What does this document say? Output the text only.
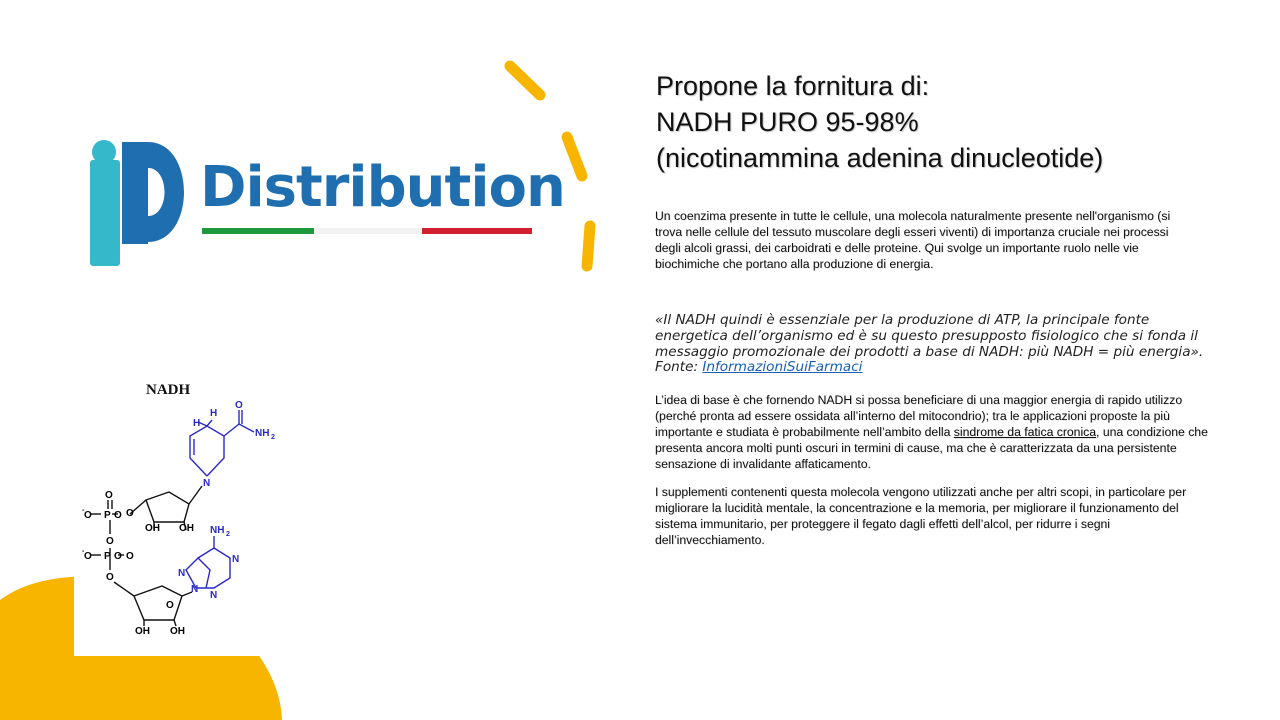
Distribution
NADH
H
H
O
NH 2
N
O
O
P O
- O
O
OH OH
P O O
- O
O
O
OH OH
N
N
N
N
NH 2
Propone la fornitura di:
NADH PURO 95-98%
(nicotinammina adenina dinucleotide)
Un coenzima presente in tutte le cellule, una molecola naturalmente presente nell'organismo (si trova nelle cellule del tessuto muscolare degli esseri viventi) di importanza cruciale nei processi degli alcoli grassi, dei carboidrati e delle proteine. Qui svolge un importante ruolo nelle vie biochimiche che portano alla produzione di energia.
«Il NADH quindi è essenziale per la produzione di ATP, la principale fonte energetica dell’organismo ed è su questo presupposto fisiologico che si fonda il messaggio promozionale dei prodotti a base di NADH: più NADH = più energia». Fonte: InformazioniSuiFarmaci
L’idea di base è che fornendo NADH si possa beneficiare di una maggior energia di rapido utilizzo (perché pronta ad essere ossidata all’interno del mitocondrio); tra le applicazioni proposte la più importante e studiata è probabilmente nell’ambito della sindrome da fatica cronica, una condizione che presenta ancora molti punti oscuri in termini di cause, ma che è caratterizzata da una persistente sensazione di invalidante affaticamento.
I supplementi contenenti questa molecola vengono utilizzati anche per altri scopi, in particolare per migliorare la lucidità mentale, la concentrazione e la memoria, per migliorare il funzionamento del sistema immunitario, per proteggere il fegato dagli effetti dell’alcol, per ridurre i segni dell’invecchiamento.
